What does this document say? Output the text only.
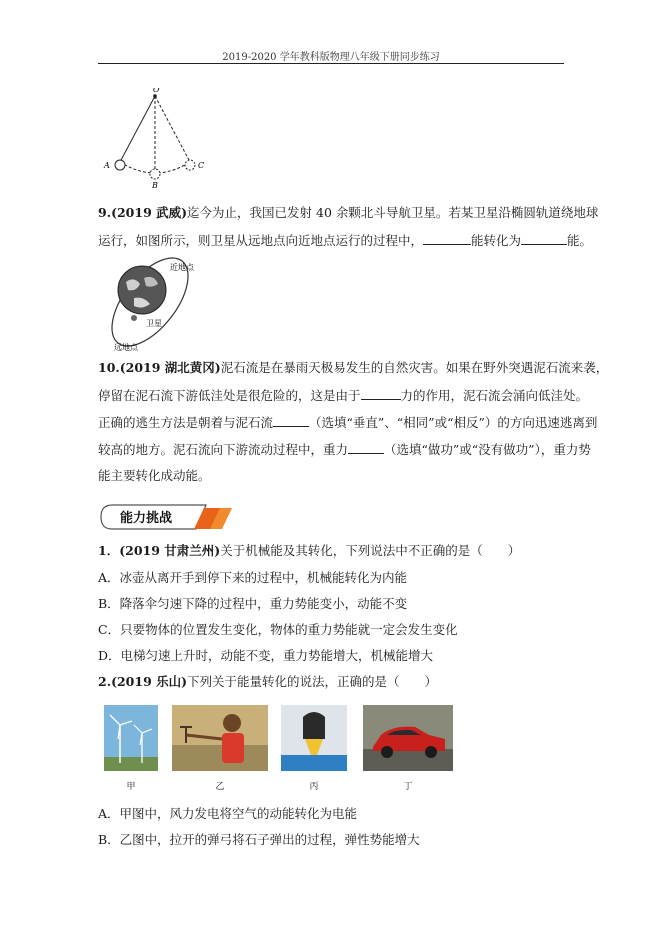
2019-2020 学年教科版物理八年级下册同步练习
O
A
B
C
9.(2019 武威)迄今为止，我国已发射 40 余颗北斗导航卫星。若某卫星沿椭圆轨道绕地球
运行，如图所示，则卫星从远地点向近地点运行的过程中，	能转化为	能。
近地点
卫星
远地点
10.(2019 湖北黄冈)泥石流是在暴雨天极易发生的自然灾害。如果在野外突遇泥石流来袭，
停留在泥石流下游低洼处是很危险的，这是由于	力的作用，泥石流会涌向低洼处。
正确的逃生方法是朝着与泥石流	（选填“垂直”、“相同”或“相反”）的方向迅速逃离到
较高的地方。泥石流向下游流动过程中，重力	（选填“做功”或“没有做功”），重力势
能主要转化成动能。
能力挑战
1．(2019 甘肃兰州)关于机械能及其转化，下列说法中不正确的是（　　）
A．冰壶从离开手到停下来的过程中，机械能转化为内能
B．降落伞匀速下降的过程中，重力势能变小，动能不变
C．只要物体的位置发生变化，物体的重力势能就一定会发生变化
D．电梯匀速上升时，动能不变，重力势能增大，机械能增大
2.(2019 乐山)下列关于能量转化的说法，正确的是（　　）
甲	乙	丙	丁
A．甲图中，风力发电将空气的动能转化为电能
B．乙图中，拉开的弹弓将石子弹出的过程，弹性势能增大
